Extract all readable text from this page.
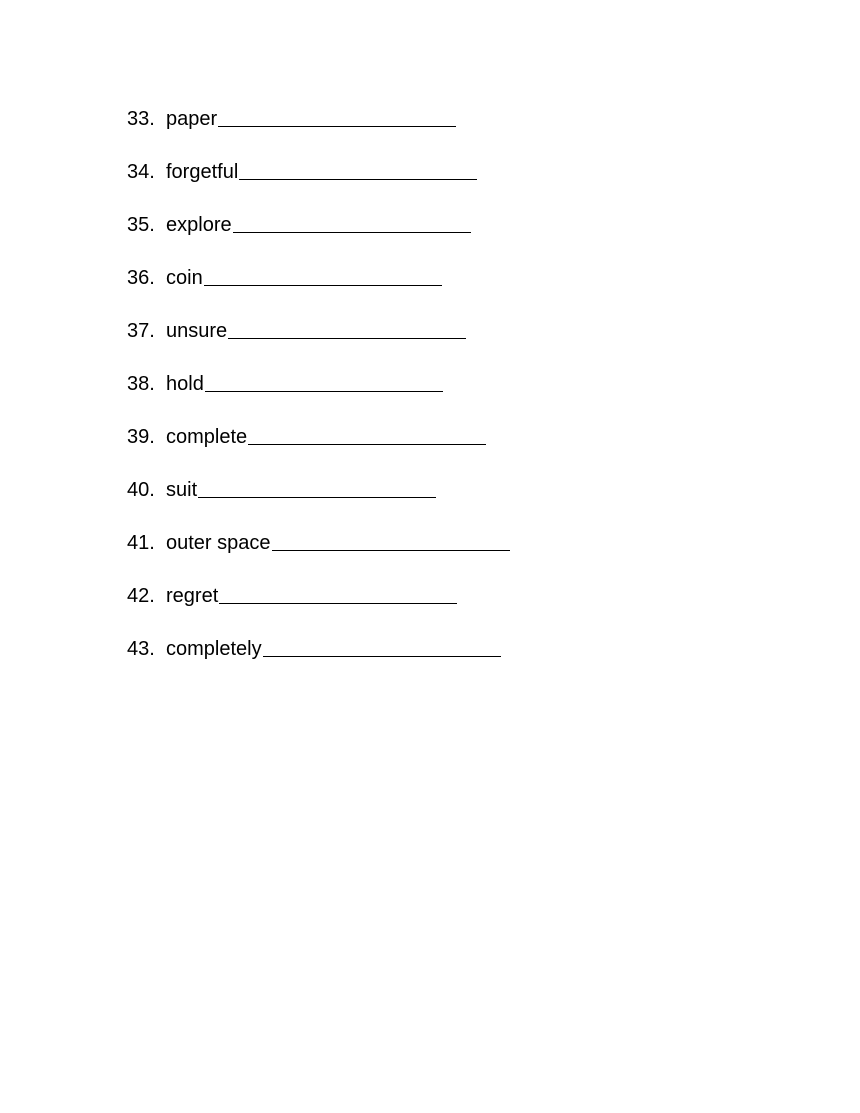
33. paper
34. forgetful
35. explore
36. coin
37. unsure
38. hold
39. complete
40. suit
41. outer space
42. regret
43. completely
